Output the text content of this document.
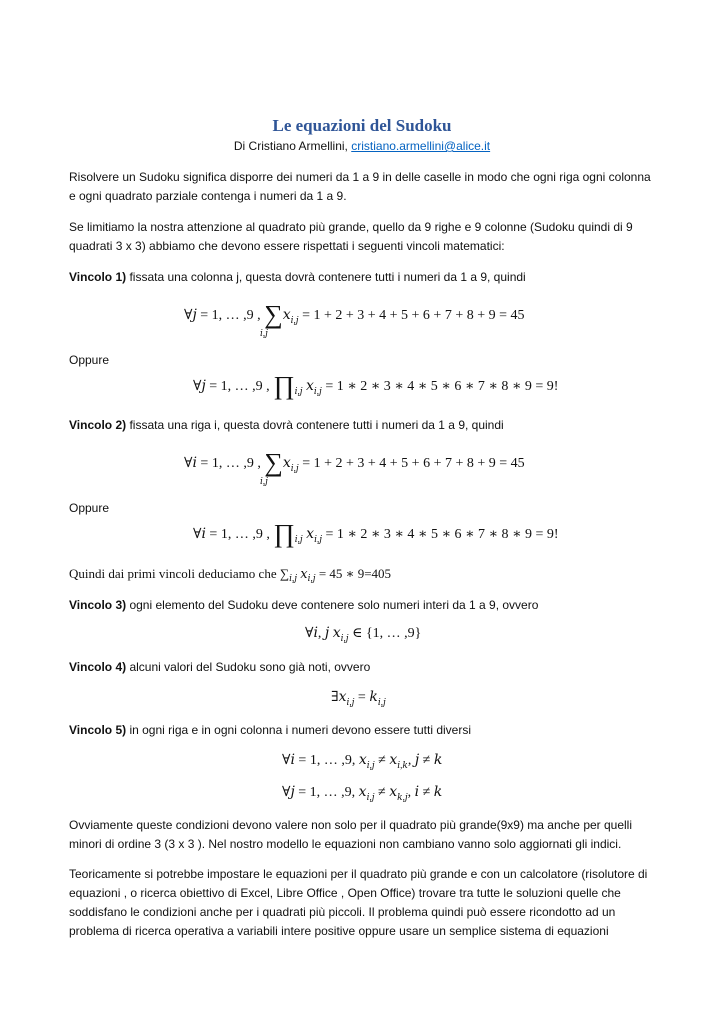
Le equazioni del Sudoku
Di Cristiano Armellini, cristiano.armellini@alice.it

Risolvere un Sudoku significa disporre dei numeri da 1 a 9 in delle caselle in modo che ogni riga ogni colonna e ogni quadrato parziale contenga i numeri da 1 a 9.

Se limitiamo la nostra attenzione al quadrato più grande, quello da 9 righe e 9 colonne (Sudoku quindi di 9 quadrati 3 x 3) abbiamo che devono essere rispettati i seguenti vincoli matematici:

Vincolo 1) fissata una colonna j, questa dovrà contenere tutti i numeri da 1 a 9, quindi

∀𝑗 = 1, … ,9 , ∑
𝑖,𝑗
𝑥$_{𝑖,𝑗}$ = 1 + 2 + 3 + 4 + 5 + 6 + 7 + 8 + 9 = 45

Oppure

∀𝑗 = 1, … ,9 , $\prod_{𝑖,𝑗}$ 𝑥$_{𝑖,𝑗}$ = 1 ∗ 2 ∗ 3 ∗ 4 ∗ 5 ∗ 6 ∗ 7 ∗ 8 ∗ 9 = 9!

Vincolo 2) fissata una riga i, questa dovrà contenere tutti i numeri da 1 a 9, quindi

∀𝑖 = 1, … ,9 , ∑
𝑖,𝑗
𝑥$_{𝑖,𝑗}$ = 1 + 2 + 3 + 4 + 5 + 6 + 7 + 8 + 9 = 45

Oppure

∀𝑖 = 1, … ,9 , $\prod_{𝑖,𝑗}$ 𝑥$_{𝑖,𝑗}$ = 1 ∗ 2 ∗ 3 ∗ 4 ∗ 5 ∗ 6 ∗ 7 ∗ 8 ∗ 9 = 9!

Quindi dai primi vincoli deduciamo che $\sum_{𝑖,𝑗}$ 𝑥$_{𝑖,𝑗}$ = 45 ∗ 9=405

Vincolo 3) ogni elemento del Sudoku deve contenere solo numeri interi da 1 a 9, ovvero

∀𝑖, 𝑗 𝑥$_{𝑖,𝑗}$ ∈ {1, … ,9}

Vincolo 4) alcuni valori del Sudoku sono già noti, ovvero

∃𝑥$_{𝑖,𝑗}$ = 𝑘$_{𝑖,𝑗}$

Vincolo 5) in ogni riga e in ogni colonna i numeri devono essere tutti diversi

∀𝑖 = 1, … ,9, 𝑥$_{𝑖,𝑗}$ ≠ 𝑥$_{𝑖,𝑘}$, 𝑗 ≠ 𝑘
∀𝑗 = 1, … ,9, 𝑥$_{𝑖,𝑗}$ ≠ 𝑥$_{𝑘,𝑗}$, 𝑖 ≠ 𝑘

Ovviamente queste condizioni devono valere non solo per il quadrato più grande(9x9) ma anche per quelli minori di ordine 3 (3 x 3 ). Nel nostro modello le equazioni non cambiano vanno solo aggiornati gli indici.

Teoricamente si potrebbe impostare le equazioni per il quadrato più grande e con un calcolatore (risolutore di equazioni , o ricerca obiettivo di Excel, Libre Office , Open Office) trovare tra tutte le soluzioni quelle che soddisfano le condizioni anche per i quadrati più piccoli. Il problema quindi può essere ricondotto ad un problema di ricerca operativa a variabili intere positive oppure usare un semplice sistema di equazioni
